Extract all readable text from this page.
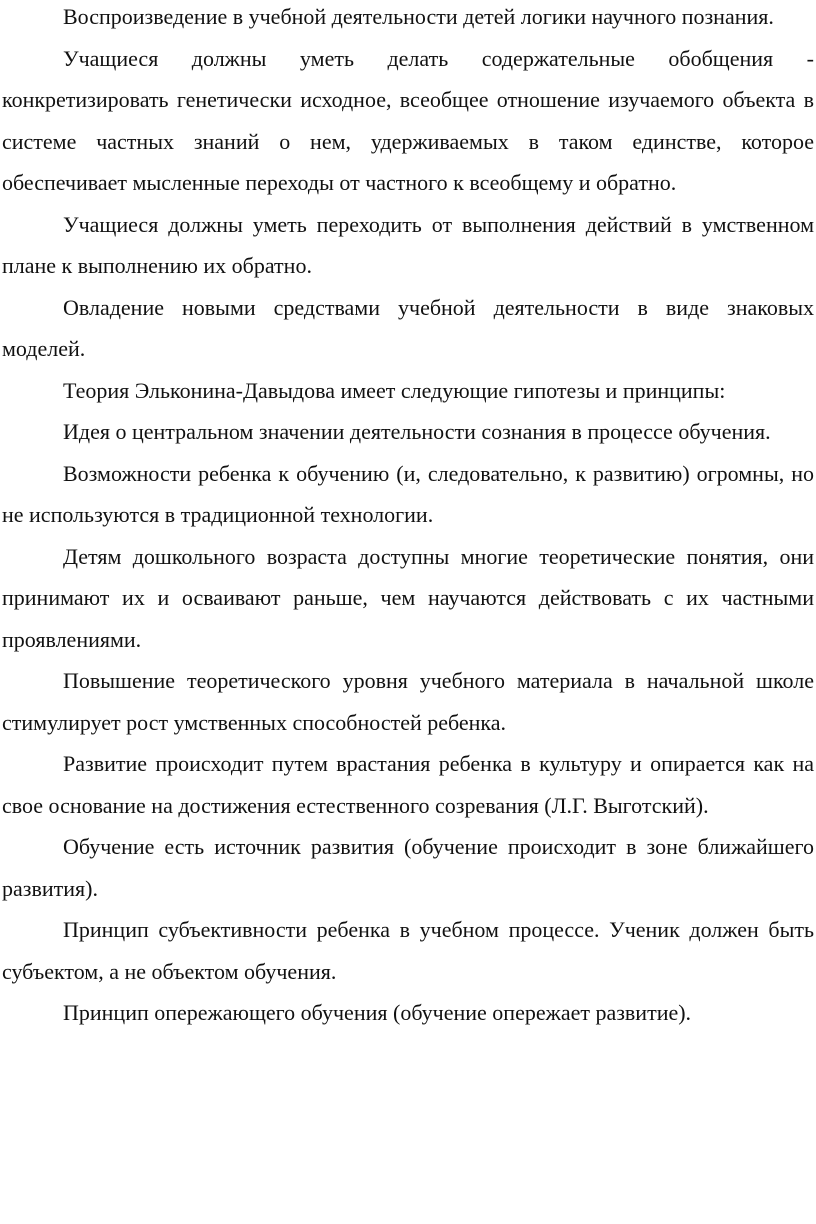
Воспроизведение в учебной деятельности детей логики научного познания.

Учащиеся должны уметь делать содержательные обобщения - конкретизировать генетически исходное, всеобщее отношение изучаемого объекта в системе частных знаний о нем, удерживаемых в таком единстве, которое обеспечивает мысленные переходы от частного к всеобщему и обратно.

Учащиеся должны уметь переходить от выполнения действий в умственном плане к выполнению их обратно.

Овладение новыми средствами учебной деятельности в виде знаковых моделей.

Теория Эльконина-Давыдова имеет следующие гипотезы и принципы:

Идея о центральном значении деятельности сознания в процессе обучения.

Возможности ребенка к обучению (и, следовательно, к развитию) огромны, но не используются в традиционной технологии.

Детям дошкольного возраста доступны многие теоретические понятия, они принимают их и осваивают раньше, чем научаются действовать с их частными проявлениями.

Повышение теоретического уровня учебного материала в начальной школе стимулирует рост умственных способностей ребенка.

Развитие происходит путем врастания ребенка в культуру и опирается как на свое основание на достижения естественного созревания (Л.Г. Выготский).

Обучение есть источник развития (обучение происходит в зоне ближайшего развития).

Принцип субъективности ребенка в учебном процессе. Ученик должен быть субъектом, а не объектом обучения.

Принцип опережающего обучения (обучение опережает развитие).
